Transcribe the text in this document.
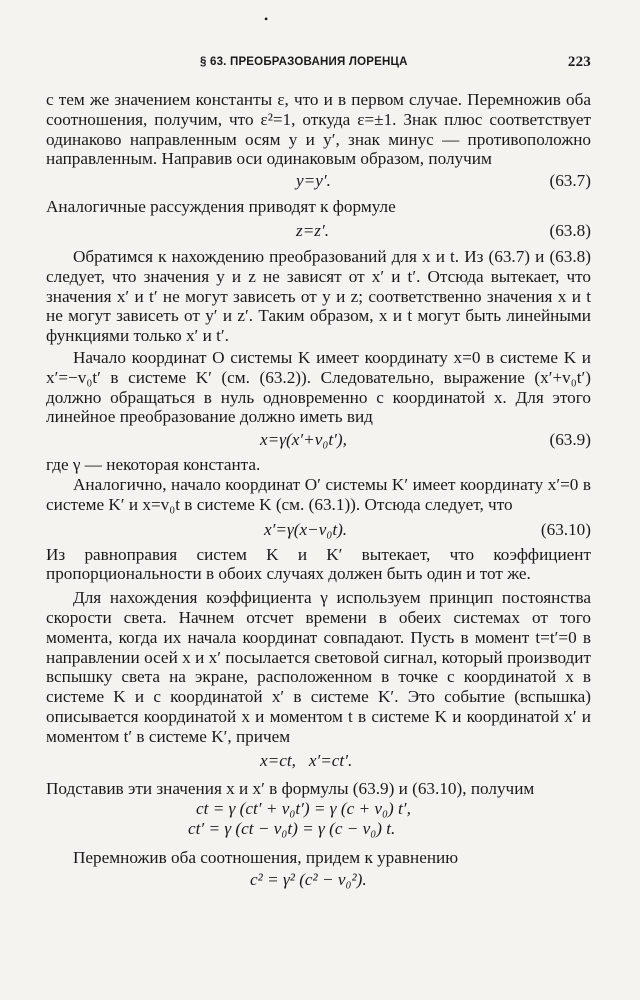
•
§ 63. ПРЕОБРАЗОВАНИЯ ЛОРЕНЦА	223

с тем же значением константы ε, что и в первом случае. Перемножив оба соотношения, получим, что ε²=1, откуда ε=±1. Знак плюс соответствует одинаково направленным осям y и y′, знак минус — противоположно направленным. Направив оси одинаковым образом, получим

y=y′.	(63.7)

Аналогичные рассуждения приводят к формуле

z=z′.	(63.8)

Обратимся к нахождению преобразований для x и t. Из (63.7) и (63.8) следует, что значения y и z не зависят от x′ и t′. Отсюда вытекает, что значения x′ и t′ не могут зависеть от y и z; соответственно значения x и t не могут зависеть от y′ и z′. Таким образом, x и t могут быть линейными функциями только x′ и t′.

Начало координат O системы K имеет координату x=0 в системе K и x′=−v₀t′ в системе K′ (см. (63.2)). Следовательно, выражение (x′+v₀t′) должно обращаться в нуль одновременно с координатой x. Для этого линейное преобразование должно иметь вид

x=γ(x′+v₀t′),	(63.9)

где γ — некоторая константа.

Аналогично, начало координат O′ системы K′ имеет координату x′=0 в системе K′ и x=v₀t в системе K (см. (63.1)). Отсюда следует, что

x′=γ(x−v₀t).	(63.10)

Из равноправия систем K и K′ вытекает, что коэффициент пропорциональности в обоих случаях должен быть один и тот же.

Для нахождения коэффициента γ используем принцип постоянства скорости света. Начнем отсчет времени в обеих системах от того момента, когда их начала координат совпадают. Пусть в момент t=t′=0 в направлении осей x и x′ посылается световой сигнал, который производит вспышку света на экране, расположенном в точке с координатой x в системе K и с координатой x′ в системе K′. Это событие (вспышка) описывается координатой x и моментом t в системе K и координатой x′ и моментом t′ в системе K′, причем

x=ct,   x′=ct′.

Подставив эти значения x и x′ в формулы (63.9) и (63.10), получим

ct = γ (ct′ + v₀t′) = γ (c + v₀) t′,
ct′ = γ (ct − v₀t) = γ (c − v₀) t.

Перемножив оба соотношения, придем к уравнению

c² = γ² (c² − v₀²).
